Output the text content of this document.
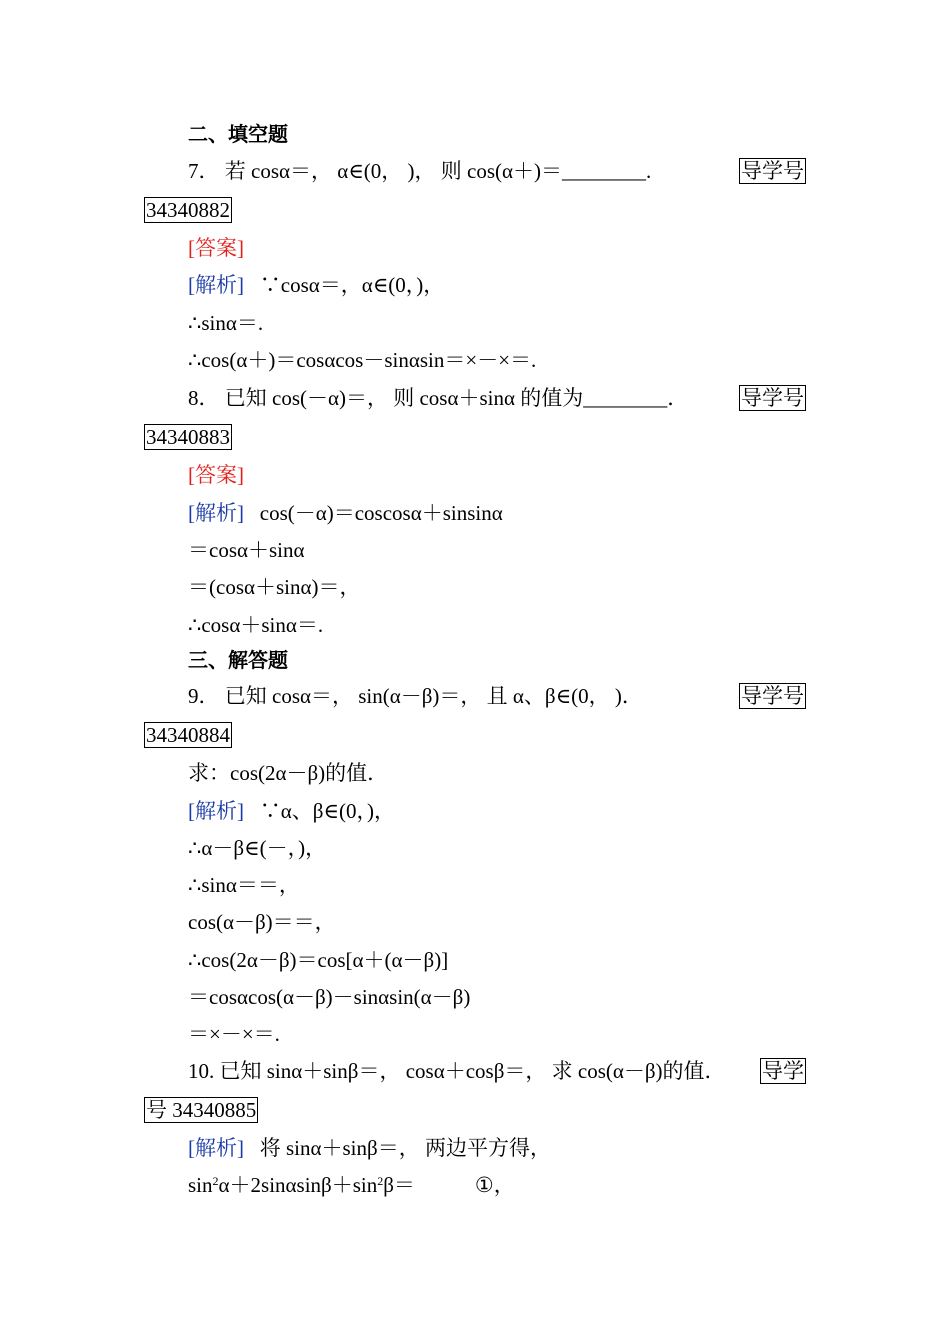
二、填空题
7． 若 cosα＝， α∈(0， )， 则 cos(α＋)＝________.	导学号
34340882
[答案]
[解析] ∵cosα＝，α∈(0，)，
∴sinα＝.
∴cos(α＋)＝cosαcos－sinαsin＝×－×＝.
8． 已知 cos(－α)＝， 则 cosα＋sinα 的值为________．	导学号
34340883
[答案]
[解析] cos(－α)＝coscosα＋sinsinα
＝cosα＋sinα
＝(cosα＋sinα)＝，
∴cosα＋sinα＝.
三、解答题
9． 已知 cosα＝， sin(α－β)＝， 且 α、β∈(0， )．	导学号
34340884
求：cos(2α－β)的值．
[解析] ∵α、β∈(0，)，
∴α－β∈(－，)，
∴sinα＝＝，
cos(α－β)＝＝，
∴cos(2α－β)＝cos[α＋(α－β)]
＝cosαcos(α－β)－sinαsin(α－β)
＝×－×＝.
10. 已知 sinα＋sinβ＝， cosα＋cosβ＝， 求 cos(α－β)的值． 导学
号 34340885
[解析] 将 sinα＋sinβ＝， 两边平方得，
$\sin^2\alpha+2\sin\alpha\sin\beta+\sin^2\beta=$	①，
